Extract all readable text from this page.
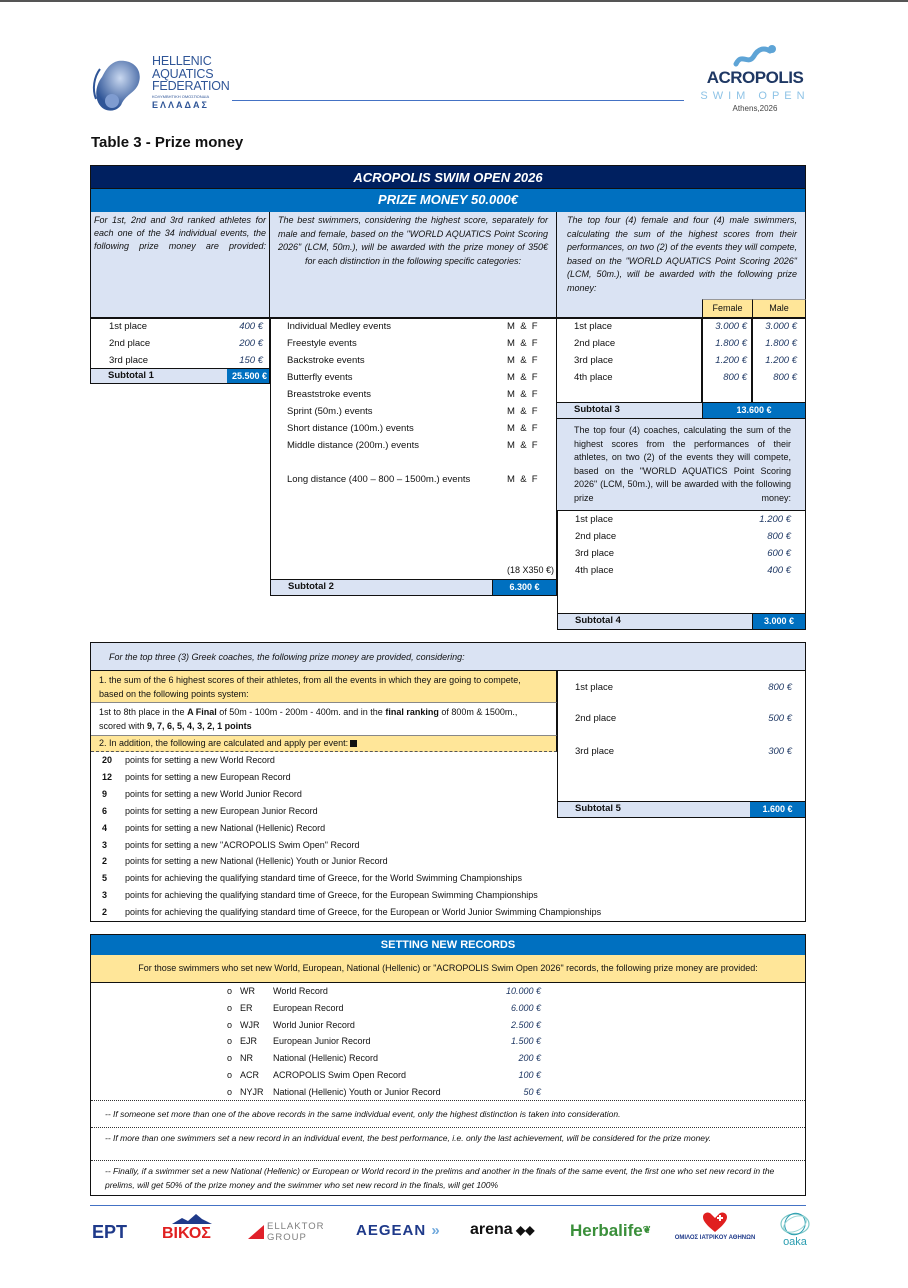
HELLENIC
AQUATICS
FEDERATION
ΚΟΛΥΜΒΗΤΙΚΗ ΟΜΟΣΠΟΝΔΙΑ
ΕΛΛΑΔΑΣ
ACROPOLIS
SWIM OPEN
Athens,2026
Table 3 - Prize money
ACROPOLIS SWIM OPEN 2026
PRIZE MONEY 50.000€
For 1st, 2nd and 3rd ranked athletes for each one of the 34 individual events, the following prize money are provided:
The best swimmers, considering the highest score, separately for male and female, based on the "WORLD AQUATICS Point Scoring 2026" (LCM, 50m.), will be awarded with the prize money of 350€ for each distinction in the following specific categories:
The top four (4) female and four (4) male swimmers, calculating the sum of the highest scores from their performances, on two (2) of the events they will compete, based on the "WORLD AQUATICS Point Scoring 2026" (LCM, 50m.), will be awarded with the following prize money:
Female	Male
1st place	400 €
2nd place	200 €
3rd place	150 €
Subtotal 1	25.500 €
Individual Medley events	M  &  F
Freestyle events	M  &  F
Backstroke events	M  &  F
Butterfly events	M  &  F
Breaststroke events	M  &  F
Sprint (50m.) events	M  &  F
Short distance (100m.) events	M  &  F
Middle distance (200m.) events	M  &  F
Long distance (400 – 800 – 1500m.) events	M  &  F
(18 X350 €)
Subtotal 2	6.300 €
1st place	3.000 €	3.000 €
2nd place	1.800 €	1.800 €
3rd place	1.200 €	1.200 €
4th place	800 €	800 €
Subtotal 3	13.600 €
The top four (4) coaches, calculating the sum of the highest scores from the performances of their athletes, on two (2) of the events they will compete, based on the "WORLD AQUATICS Point Scoring 2026" (LCM, 50m.), will be awarded with the following prize money:
1st place	1.200 €
2nd place	800 €
3rd place	600 €
4th place	400 €
Subtotal 4	3.000 €
For the top three (3) Greek coaches, the following prize money are provided, considering:
1. the sum of the 6 highest scores of their athletes, from all the events in which they are going to compete, based on the following points system:
1st to 8th place in the A Final of 50m - 100m - 200m - 400m. and in the final ranking of 800m & 1500m., scored with 9, 7, 6, 5, 4, 3, 2, 1 points
2. In addition, the following are calculated and apply per event:
20	points for setting a new World Record
12	points for setting a new European Record
9	points for setting a new World Junior Record
6	points for setting a new European Junior Record
4	points for setting a new National (Hellenic) Record
3	points for setting a new "ACROPOLIS Swim Open" Record
2	points for setting a new National (Hellenic) Youth or Junior Record
5	points for achieving the qualifying standard time of Greece, for the World Swimming Championships
3	points for achieving the qualifying standard time of Greece, for the European Swimming Championships
2	points for achieving the qualifying standard time of Greece, for the European or World Junior Swimming Championships
1st place	800 €
2nd place	500 €
3rd place	300 €
Subtotal 5	1.600 €
SETTING NEW RECORDS
For those swimmers who set new World, European, National (Hellenic) or "ACROPOLIS Swim Open 2026" records, the following prize money are provided:
o WR	World Record	10.000 €
o ER	European Record	6.000 €
o WJR	World Junior Record	2.500 €
o EJR	European Junior Record	1.500 €
o NR	National (Hellenic) Record	200 €
o ACR	ACROPOLIS Swim Open Record	100 €
o NYJR	National (Hellenic) Youth or Junior Record	50 €
-- If someone set more than one of the above records in the same individual event, only the highest distinction is taken into consideration.
-- If more than one swimmers set a new record in an individual event, the best performance, i.e. only the last achievement, will be considered for the prize money.
-- Finally, if a swimmer set a new National (Hellenic) or European or World record in the prelims and another in the finals of the same event, the first one who set new record in the prelims, will get 50% of the prize money and the swimmer who set new record in the finals, will get 100%
EPT	ΒΙΚΟΣ	ELLAKTOR GROUP	AEGEAN »	arena ◆◆	Herbalife❦
ΟΜΙΛΟΣ ΙΑΤΡΙΚΟΥ ΑΘΗΝΩΝ	oaka
